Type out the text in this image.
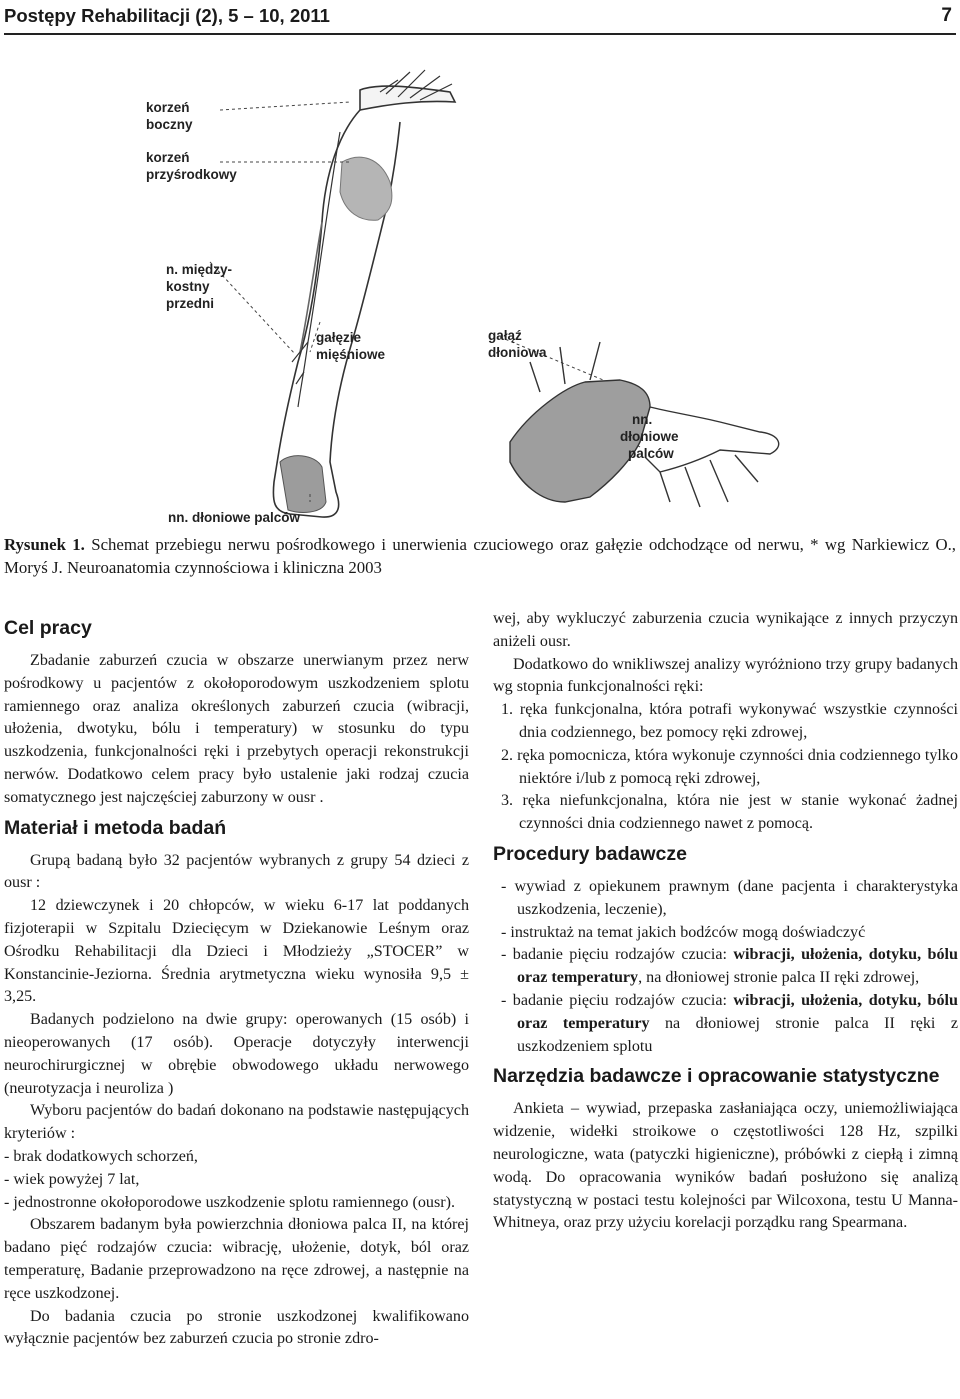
Postępy Rehabilitacji (2), 5 – 10, 2011	7
korzeń
boczny
korzeń
przyśrodkowy
n. między-
kostny
przedni
gałęzie
mięśniowe
gałąź
dłoniowa
nn.
dłoniowe
palców
nn. dłoniowe palców
Rysunek 1. Schemat przebiegu nerwu pośrodkowego i unerwienia czuciowego oraz gałęzie odchodzące od nerwu, * wg Narkiewicz O., Moryś J. Neuroanatomia czynnościowa i kliniczna 2003
Cel pracy

Zbadanie zaburzeń czucia w obszarze unerwianym przez nerw pośrodkowy u pacjentów z okołoporodowym uszkodzeniem splotu ramiennego oraz analiza określonych zaburzeń czucia (wibracji, ułożenia, dwotyku, bólu i temperatury) w stosunku do typu uszkodzenia, funkcjonalności ręki i przebytych operacji rekonstrukcji nerwów. Dodatkowo celem pracy było ustalenie jaki rodzaj czucia somatycznego jest najczęściej zaburzony w ousr .

Materiał i metoda badań

Grupą badaną było 32 pacjentów wybranych z grupy 54 dzieci z ousr :

12 dziewczynek i 20 chłopców, w wieku 6-17 lat poddanych fizjoterapii w Szpitalu Dziecięcym w Dziekanowie Leśnym oraz Ośrodku Rehabilitacji dla Dzieci i Młodzieży „STOCER” w Konstancinie-Jeziorna. Średnia arytmetyczna wieku wynosiła 9,5 ± 3,25.

Badanych podzielono na dwie grupy: operowanych (15 osób) i nieoperowanych (17 osób). Operacje dotyczyły interwencji neurochirurgicznej w obrębie obwodowego układu nerwowego (neurotyzacja i neuroliza )

Wyboru pacjentów do badań dokonano na podstawie następujących kryteriów :

- brak dodatkowych schorzeń,
- wiek powyżej 7 lat,
- jednostronne okołoporodowe uszkodzenie splotu ramiennego (ousr).

Obszarem badanym była powierzchnia dłoniowa palca II, na której badano pięć rodzajów czucia: wibrację, ułożenie, dotyk, ból oraz temperaturę, Badanie przeprowadzono na ręce zdrowej, a następnie na ręce uszkodzonej.

Do badania czucia po stronie uszkodzonej kwalifikowano wyłącznie pacjentów bez zaburzeń czucia po stronie zdro-

wej, aby wykluczyć zaburzenia czucia wynikające z innych przyczyn aniżeli ousr.

Dodatkowo do wnikliwszej analizy wyróżniono trzy grupy badanych wg stopnia funkcjonalności ręki:

1. ręka funkcjonalna, która potrafi wykonywać wszystkie czynności dnia codziennego, bez pomocy ręki zdrowej,
2. ręka pomocnicza, która wykonuje czynności dnia codziennego tylko niektóre i/lub z pomocą ręki zdrowej,
3. ręka niefunkcjonalna, która nie jest w stanie wykonać żadnej czynności dnia codziennego nawet z pomocą.
Procedury badawcze
- wywiad z opiekunem prawnym (dane pacjenta i charakterystyka uszkodzenia, leczenie),
- instruktaż na temat jakich bodźców mogą doświadczyć
- badanie pięciu rodzajów czucia: wibracji, ułożenia, dotyku, bólu oraz temperatury, na dłoniowej stronie palca II ręki zdrowej,
- badanie pięciu rodzajów czucia: wibracji, ułożenia, dotyku, bólu oraz temperatury na dłoniowej stronie palca II ręki z uszkodzeniem splotu
Narzędzia badawcze i opracowanie statystyczne

Ankieta – wywiad, przepaska zasłaniająca oczy, uniemożliwiająca widzenie, widełki stroikowe o częstotliwości 128 Hz, szpilki neurologiczne, wata (patyczki higieniczne), próbówki z ciepłą i zimną wodą. Do opracowania wyników badań posłużono się analizą statystyczną w postaci testu kolejności par Wilcoxona, testu U Manna-Whitneya, oraz przy użyciu korelacji porządku rang Spearmana.
